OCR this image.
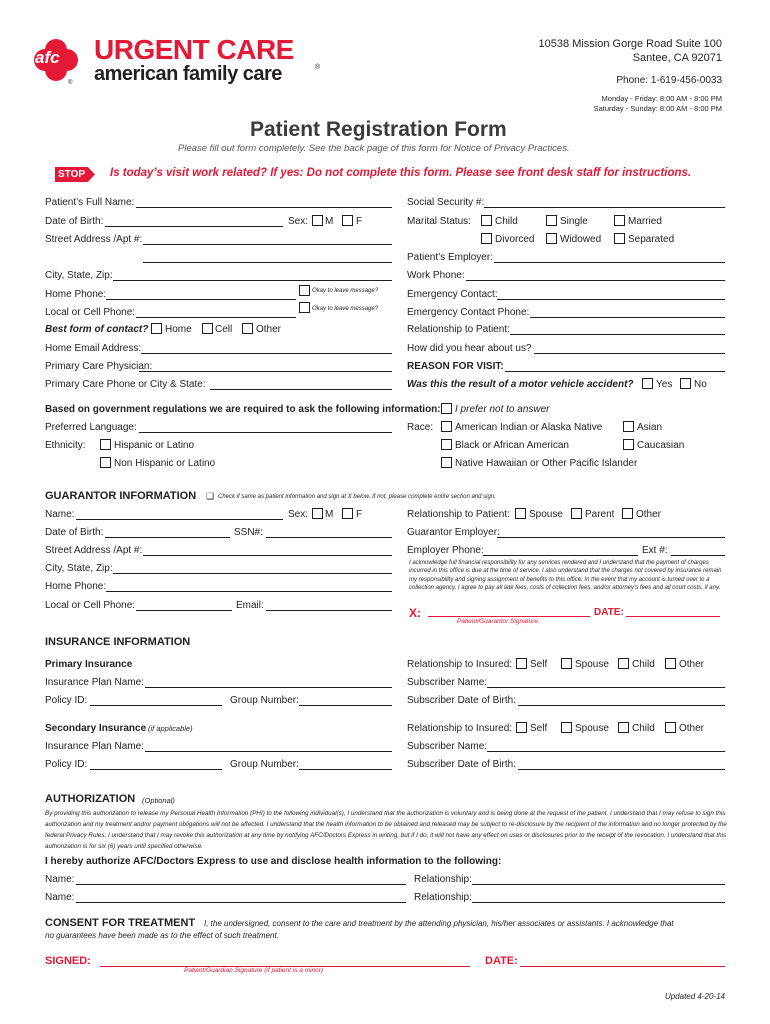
afc
®
URGENT CARE
american family care	®
10538 Mission Gorge Road Suite 100
Santee, CA 92071
Phone: 1-619-456-0033
Monday - Friday: 8:00 AM - 8:00 PM
Saturday - Sunday: 8:00 AM - 8:00 PM
Patient Registration Form
Please fill out form completely. See the back page of this form for Notice of Privacy Practices.
STOP Is today’s visit work related? If yes: Do not complete this form. Please see front desk staff for instructions.
Patient’s Full Name:
Date of Birth:	Sex: M F
Street Address /Apt #:
City, State, Zip:
Home Phone:	Okay to leave message?
Local or Cell Phone:	Okay to leave message?
Best form of contact? Home Cell Other
Home Email Address:
Primary Care Physician:
Primary Care Phone or City & State:
Social Security #:
Marital Status: Child	Single	Married
Divorced	Widowed	Separated
Patient’s Employer:
Work Phone:
Emergency Contact:
Emergency Contact Phone:
Relationship to Patient:
How did you hear about us?
REASON FOR VISIT:
Was this the result of a motor vehicle accident? Yes No
Based on government regulations we are required to ask the following information: I prefer not to answer
Preferred Language:
Ethnicity:	Hispanic or Latino
Non Hispanic or Latino
Race: American Indian or Alaska Native	Asian
Black or African American	Caucasian
Native Hawaiian or Other Pacific Islander
GUARANTOR INFORMATION ❑ Check if same as patient information and sign at X below. If not, please complete entire section and sign.
Name:	Sex: M F
Date of Birth:	SSN#:
Street Address /Apt #:
City, State, Zip:
Home Phone:
Local or Cell Phone:	Email:
Relationship to Patient: Spouse Parent Other
Guarantor Employer:
Employer Phone:	Ext #:
I acknowledge full financial responsibility for any services rendered and I understand that the payment of charges incurred in this office is due at the time of service. I also understand that the charges not covered by insurance remain my responsibility and signing assignment of benefits to this office. In the event that my account is turned over to a collection agency, I agree to pay all late fees, costs of collection fees, and/or attorney’s fees and all court costs, if any.
X:	DATE:
Patient/Guarantor Signature
INSURANCE INFORMATION
Primary Insurance
Insurance Plan Name:
Policy ID:	Group Number:
Relationship to Insured: Self	Spouse Child Other
Subscriber Name:
Subscriber Date of Birth:
Secondary Insurance (if applicable)
Insurance Plan Name:
Policy ID:	Group Number:
Relationship to Insured: Self	Spouse Child Other
Subscriber Name:
Subscriber Date of Birth:
AUTHORIZATION (Optional)
By providing this authorization to release my Personal Health Information (PHI) to the following individual(s), I understand that the authorization is voluntary and is being done at the request of the patient. I understand that I may refuse to sign this authorization and my treatment and/or payment obligations will not be affected. I understand that the health information to be obtained and released may be subject to re-disclosure by the recipient of the information and no longer protected by the federal Privacy Rules. I understand that I may revoke this authorization at any time by notifying AFC/Doctors Express in writing, but if I do, it will not have any effect on uses or disclosures prior to the receipt of the revocation. I understand that this authorization is for six (6) years until specified otherwise.
I hereby authorize AFC/Doctors Express to use and disclose health information to the following:
Name:	Relationship:
Name:	Relationship:
CONSENT FOR TREATMENT I, the undersigned, consent to the care and treatment by the attending physician, his/her associates or assistants. I acknowledge that
no guarantees have been made as to the effect of such treatment.
SIGNED:	DATE:
Patient/Guardian Signature (if patient is a minor)
Updated 4-20-14
